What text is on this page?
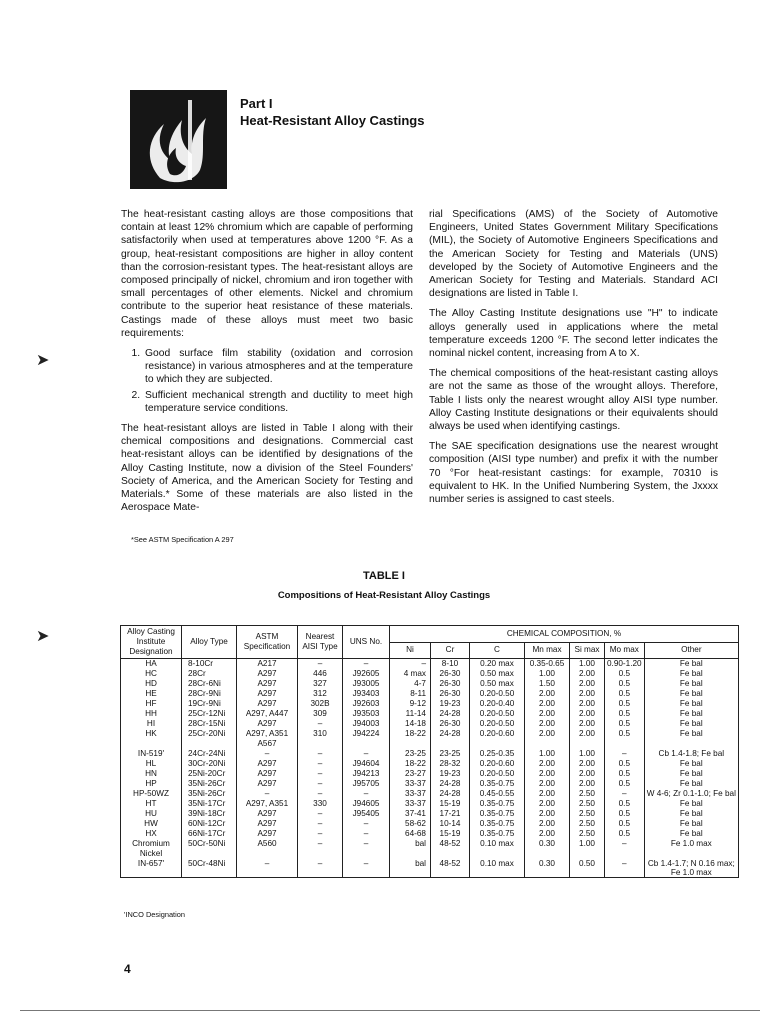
Part I
Heat-Resistant Alloy Castings

The heat-resistant casting alloys are those compositions that contain at least 12% chromium which are capable of performing satisfactorily when used at temperatures above 1200 °F. As a group, heat-resistant compositions are higher in alloy content than the corrosion-resistant types. The heat-resistant alloys are composed principally of nickel, chromium and iron together with small percentages of other elements. Nickel and chromium contribute to the superior heat resistance of these materials. Castings made of these alloys must meet two basic requirements:

1. Good surface film stability (oxidation and corrosion resistance) in various atmospheres and at the temperature to which they are subjected.
2. Sufficient mechanical strength and ductility to meet high temperature service conditions.

The heat-resistant alloys are listed in Table I along with their chemical compositions and designations. Commercial cast heat-resistant alloys can be identified by designations of the Alloy Casting Institute, now a division of the Steel Founders' Society of America, and the American Society for Testing and Materials.* Some of these materials are also listed in the Aerospace Mate-

*See ASTM Specification A 297

rial Specifications (AMS) of the Society of Automotive Engineers, United States Government Military Specifications (MIL), the Society of Automotive Engineers Specifications and the American Society for Testing and Materials (UNS) developed by the Society of Automotive Engineers and the American Society for Testing and Materials. Standard ACI designations are listed in Table I.

The Alloy Casting Institute designations use "H" to indicate alloys generally used in applications where the metal temperature exceeds 1200 °F. The second letter indicates the nominal nickel content, increasing from A to X.

The chemical compositions of the heat-resistant casting alloys are not the same as those of the wrought alloys. Therefore, Table I lists only the nearest wrought alloy AISI type number. Alloy Casting Institute designations or their equivalents should always be used when identifying castings.

The SAE specification designations use the nearest wrought composition (AISI type number) and prefix it with the number 70 °For heat-resistant castings: for example, 70310 is equivalent to HK. In the Unified Numbering System, the Jxxxx number series is assigned to cast steels.

TABLE I
Compositions of Heat-Resistant Alloy Castings
Alloy Casting Institute Designation	Alloy Type	ASTM Specification	Nearest AISI Type	UNS No.	CHEMICAL COMPOSITION, %						
					Ni	Cr	C	Mn max	Si max	Mo max	Other
HA	8-10Cr	A217	–	–	–	8-10	0.20 max	0.35-0.65	1.00	0.90-1.20	Fe bal
HC	28Cr	A297	446	J92605	4 max	26-30	0.50 max	1.00	2.00	0.5	Fe bal
HD	28Cr-6Ni	A297	327	J93005	4-7	26-30	0.50 max	1.50	2.00	0.5	Fe bal
HE	28Cr-9Ni	A297	312	J93403	8-11	26-30	0.20-0.50	2.00	2.00	0.5	Fe bal
HF	19Cr-9Ni	A297	302B	J92603	9-12	19-23	0.20-0.40	2.00	2.00	0.5	Fe bal
HH	25Cr-12Ni	A297, A447	309	J93503	11-14	24-28	0.20-0.50	2.00	2.00	0.5	Fe bal
HI	28Cr-15Ni	A297	–	J94003	14-18	26-30	0.20-0.50	2.00	2.00	0.5	Fe bal
HK	25Cr-20Ni	A297, A351 A567	310	J94224	18-22	24-28	0.20-0.60	2.00	2.00	0.5	Fe bal
IN-519'	24Cr-24Ni	–	–	–	23-25	23-25	0.25-0.35	1.00	1.00	–	Cb 1.4-1.8; Fe bal
HL	30Cr-20Ni	A297	–	J94604	18-22	28-32	0.20-0.60	2.00	2.00	0.5	Fe bal
HN	25Ni-20Cr	A297	–	J94213	23-27	19-23	0.20-0.50	2.00	2.00	0.5	Fe bal
HP	35Ni-26Cr	A297	–	J95705	33-37	24-28	0.35-0.75	2.00	2.00	0.5	Fe bal
HP-50WZ	35Ni-26Cr	–	–	–	33-37	24-28	0.45-0.55	2.00	2.50	–	W 4-6; Zr 0.1-1.0; Fe bal
HT	35Ni-17Cr	A297, A351	330	J94605	33-37	15-19	0.35-0.75	2.00	2.50	0.5	Fe bal
HU	39Ni-18Cr	A297	–	J95405	37-41	17-21	0.35-0.75	2.00	2.50	0.5	Fe bal
HW	60Ni-12Cr	A297	–	–	58-62	10-14	0.35-0.75	2.00	2.50	0.5	Fe bal
HX	66Ni-17Cr	A297	–	–	64-68	15-19	0.35-0.75	2.00	2.50	0.5	Fe bal
Chromium Nickel	50Cr-50Ni	A560	–	–	bal	48-52	0.10 max	0.30	1.00	–	Fe 1.0 max
IN-657'	50Cr-48Ni	–	–	–	bal	48-52	0.10 max	0.30	0.50	–	Cb 1.4-1.7; N 0.16 max; Fe 1.0 max
'INCO Designation
4
➤
➤
